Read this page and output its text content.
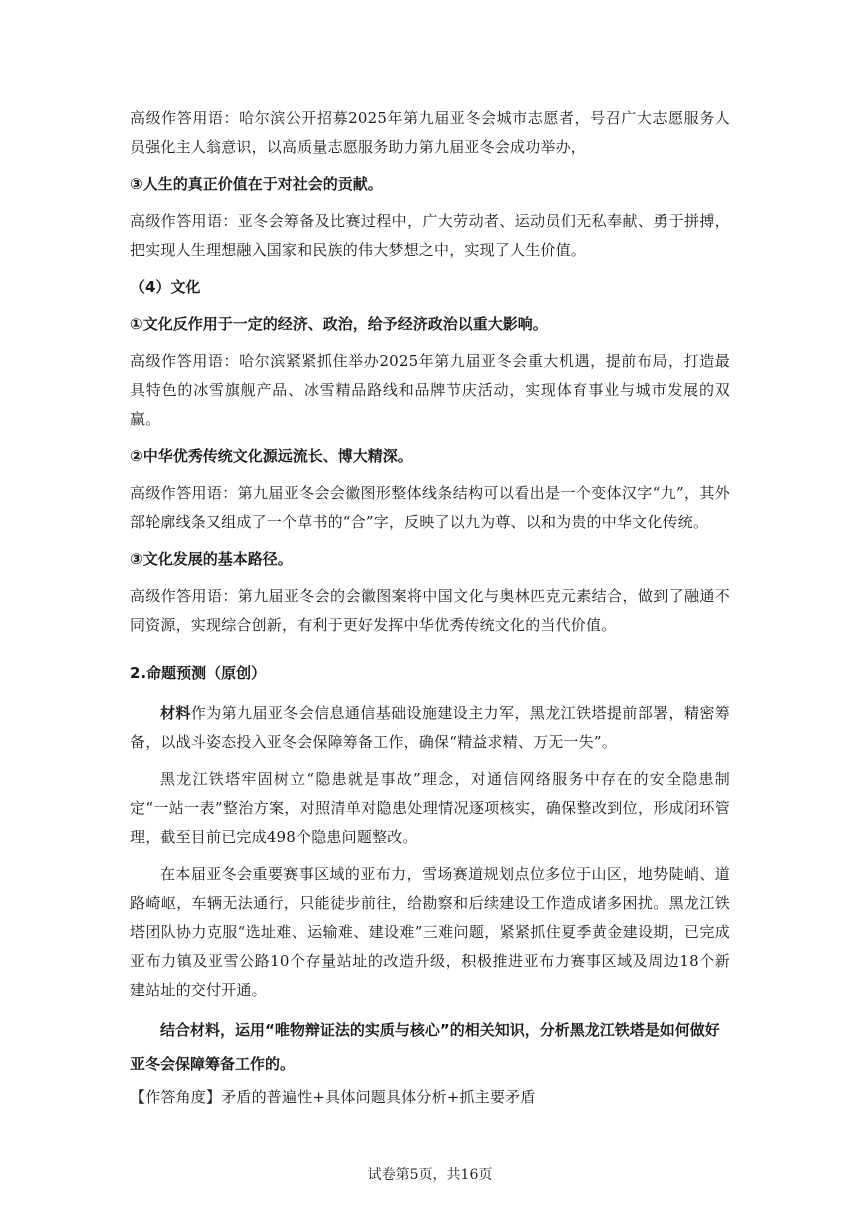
高级作答用语：哈尔滨公开招募2025年第九届亚冬会城市志愿者，号召广大志愿服务人员强化主人翁意识，以高质量志愿服务助力第九届亚冬会成功举办，

③人生的真正价值在于对社会的贡献。

高级作答用语：亚冬会筹备及比赛过程中，广大劳动者、运动员们无私奉献、勇于拼搏，把实现人生理想融入国家和民族的伟大梦想之中，实现了人生价值。

（4）文化

①文化反作用于一定的经济、政治，给予经济政治以重大影响。

高级作答用语：哈尔滨紧紧抓住举办2025年第九届亚冬会重大机遇，提前布局，打造最具特色的冰雪旗舰产品、冰雪精品路线和品牌节庆活动，实现体育事业与城市发展的双赢。

②中华优秀传统文化源远流长、博大精深。

高级作答用语：第九届亚冬会会徽图形整体线条结构可以看出是一个变体汉字“九”，其外部轮廓线条又组成了一个草书的“合”字，反映了以九为尊、以和为贵的中华文化传统。

③文化发展的基本路径。

高级作答用语：第九届亚冬会的会徽图案将中国文化与奥林匹克元素结合，做到了融通不同资源，实现综合创新，有利于更好发挥中华优秀传统文化的当代价值。

2.命题预测（原创）

材料作为第九届亚冬会信息通信基础设施建设主力军，黑龙江铁塔提前部署，精密筹备，以战斗姿态投入亚冬会保障筹备工作，确保“精益求精、万无一失”。

黑龙江铁塔牢固树立“隐患就是事故”理念，对通信网络服务中存在的安全隐患制定“一站一表”整治方案，对照清单对隐患处理情况逐项核实，确保整改到位，形成闭环管理，截至目前已完成498个隐患问题整改。

在本届亚冬会重要赛事区域的亚布力，雪场赛道规划点位多位于山区，地势陡峭、道路崎岖，车辆无法通行，只能徒步前往，给勘察和后续建设工作造成诸多困扰。黑龙江铁塔团队协力克服“选址难、运输难、建设难”三难问题，紧紧抓住夏季黄金建设期，已完成亚布力镇及亚雪公路10个存量站址的改造升级，积极推进亚布力赛事区域及周边18个新建站址的交付开通。

结合材料，运用“唯物辩证法的实质与核心”的相关知识，分析黑龙江铁塔是如何做好亚冬会保障筹备工作的。

【作答角度】矛盾的普遍性+具体问题具体分析+抓主要矛盾

试卷第5页，共16页
